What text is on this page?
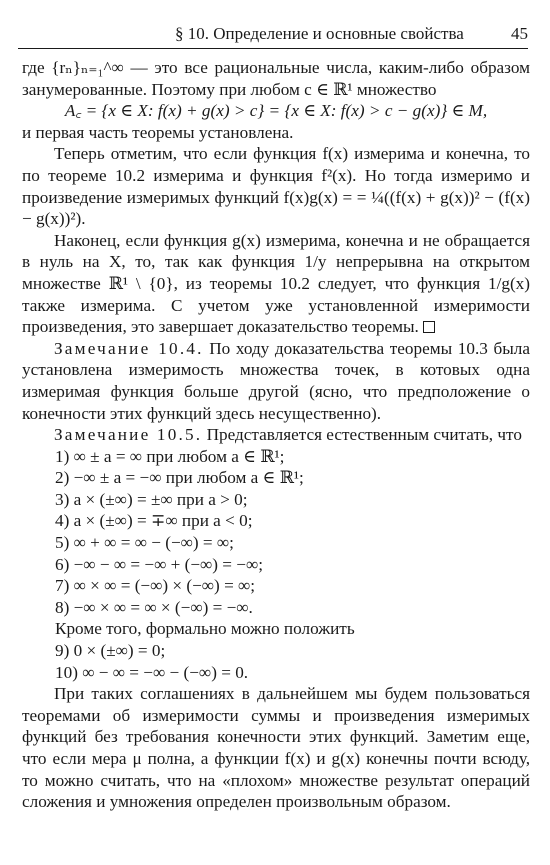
§ 10. Определение и основные свойства	45

где {rₙ}ₙ₌₁^∞ — это все рациональные числа, каким-либо образом занумерованные. Поэтому при любом c ∈ ℝ¹ множество

A꜀ = {x ∈ X: f(x) + g(x) > c} = {x ∈ X: f(x) > c − g(x)} ∈ M,

и первая часть теоремы установлена.

Теперь отметим, что если функция f(x) измерима и конечна, то по теореме 10.2 измерима и функция f²(x). Но тогда измеримо и произведение измеримых функций f(x)g(x) = = ¼((f(x) + g(x))² − (f(x) − g(x))²).

Наконец, если функция g(x) измерима, конечна и не обращается в нуль на X, то, так как функция 1/y непрерывна на открытом множестве ℝ¹ \ {0}, из теоремы 10.2 следует, что функция 1/g(x) также измерима. С учетом уже установленной измеримости произведения, это завершает доказательство теоремы.

Замечание 10.4. По ходу доказательства теоремы 10.3 была установлена измеримость множества точек, в котовых одна измеримая функция больше другой (ясно, что предположение о конечности этих функций здесь несущественно).

Замечание 10.5. Представляется естественным считать, что

1) ∞ ± a = ∞ при любом a ∈ ℝ¹;
2) −∞ ± a = −∞ при любом a ∈ ℝ¹;
3) a × (±∞) = ±∞ при a > 0;
4) a × (±∞) = ∓∞ при a < 0;
5) ∞ + ∞ = ∞ − (−∞) = ∞;
6) −∞ − ∞ = −∞ + (−∞) = −∞;
7) ∞ × ∞ = (−∞) × (−∞) = ∞;
8) −∞ × ∞ = ∞ × (−∞) = −∞.
Кроме того, формально можно положить
9) 0 × (±∞) = 0;
10) ∞ − ∞ = −∞ − (−∞) = 0.

При таких соглашениях в дальнейшем мы будем пользоваться теоремами об измеримости суммы и произведения измеримых функций без требования конечности этих функций. Заметим еще, что если мера μ полна, а функции f(x) и g(x) конечны почти всюду, то можно считать, что на «плохом» множестве результат операций сложения и умножения определен произвольным образом.
